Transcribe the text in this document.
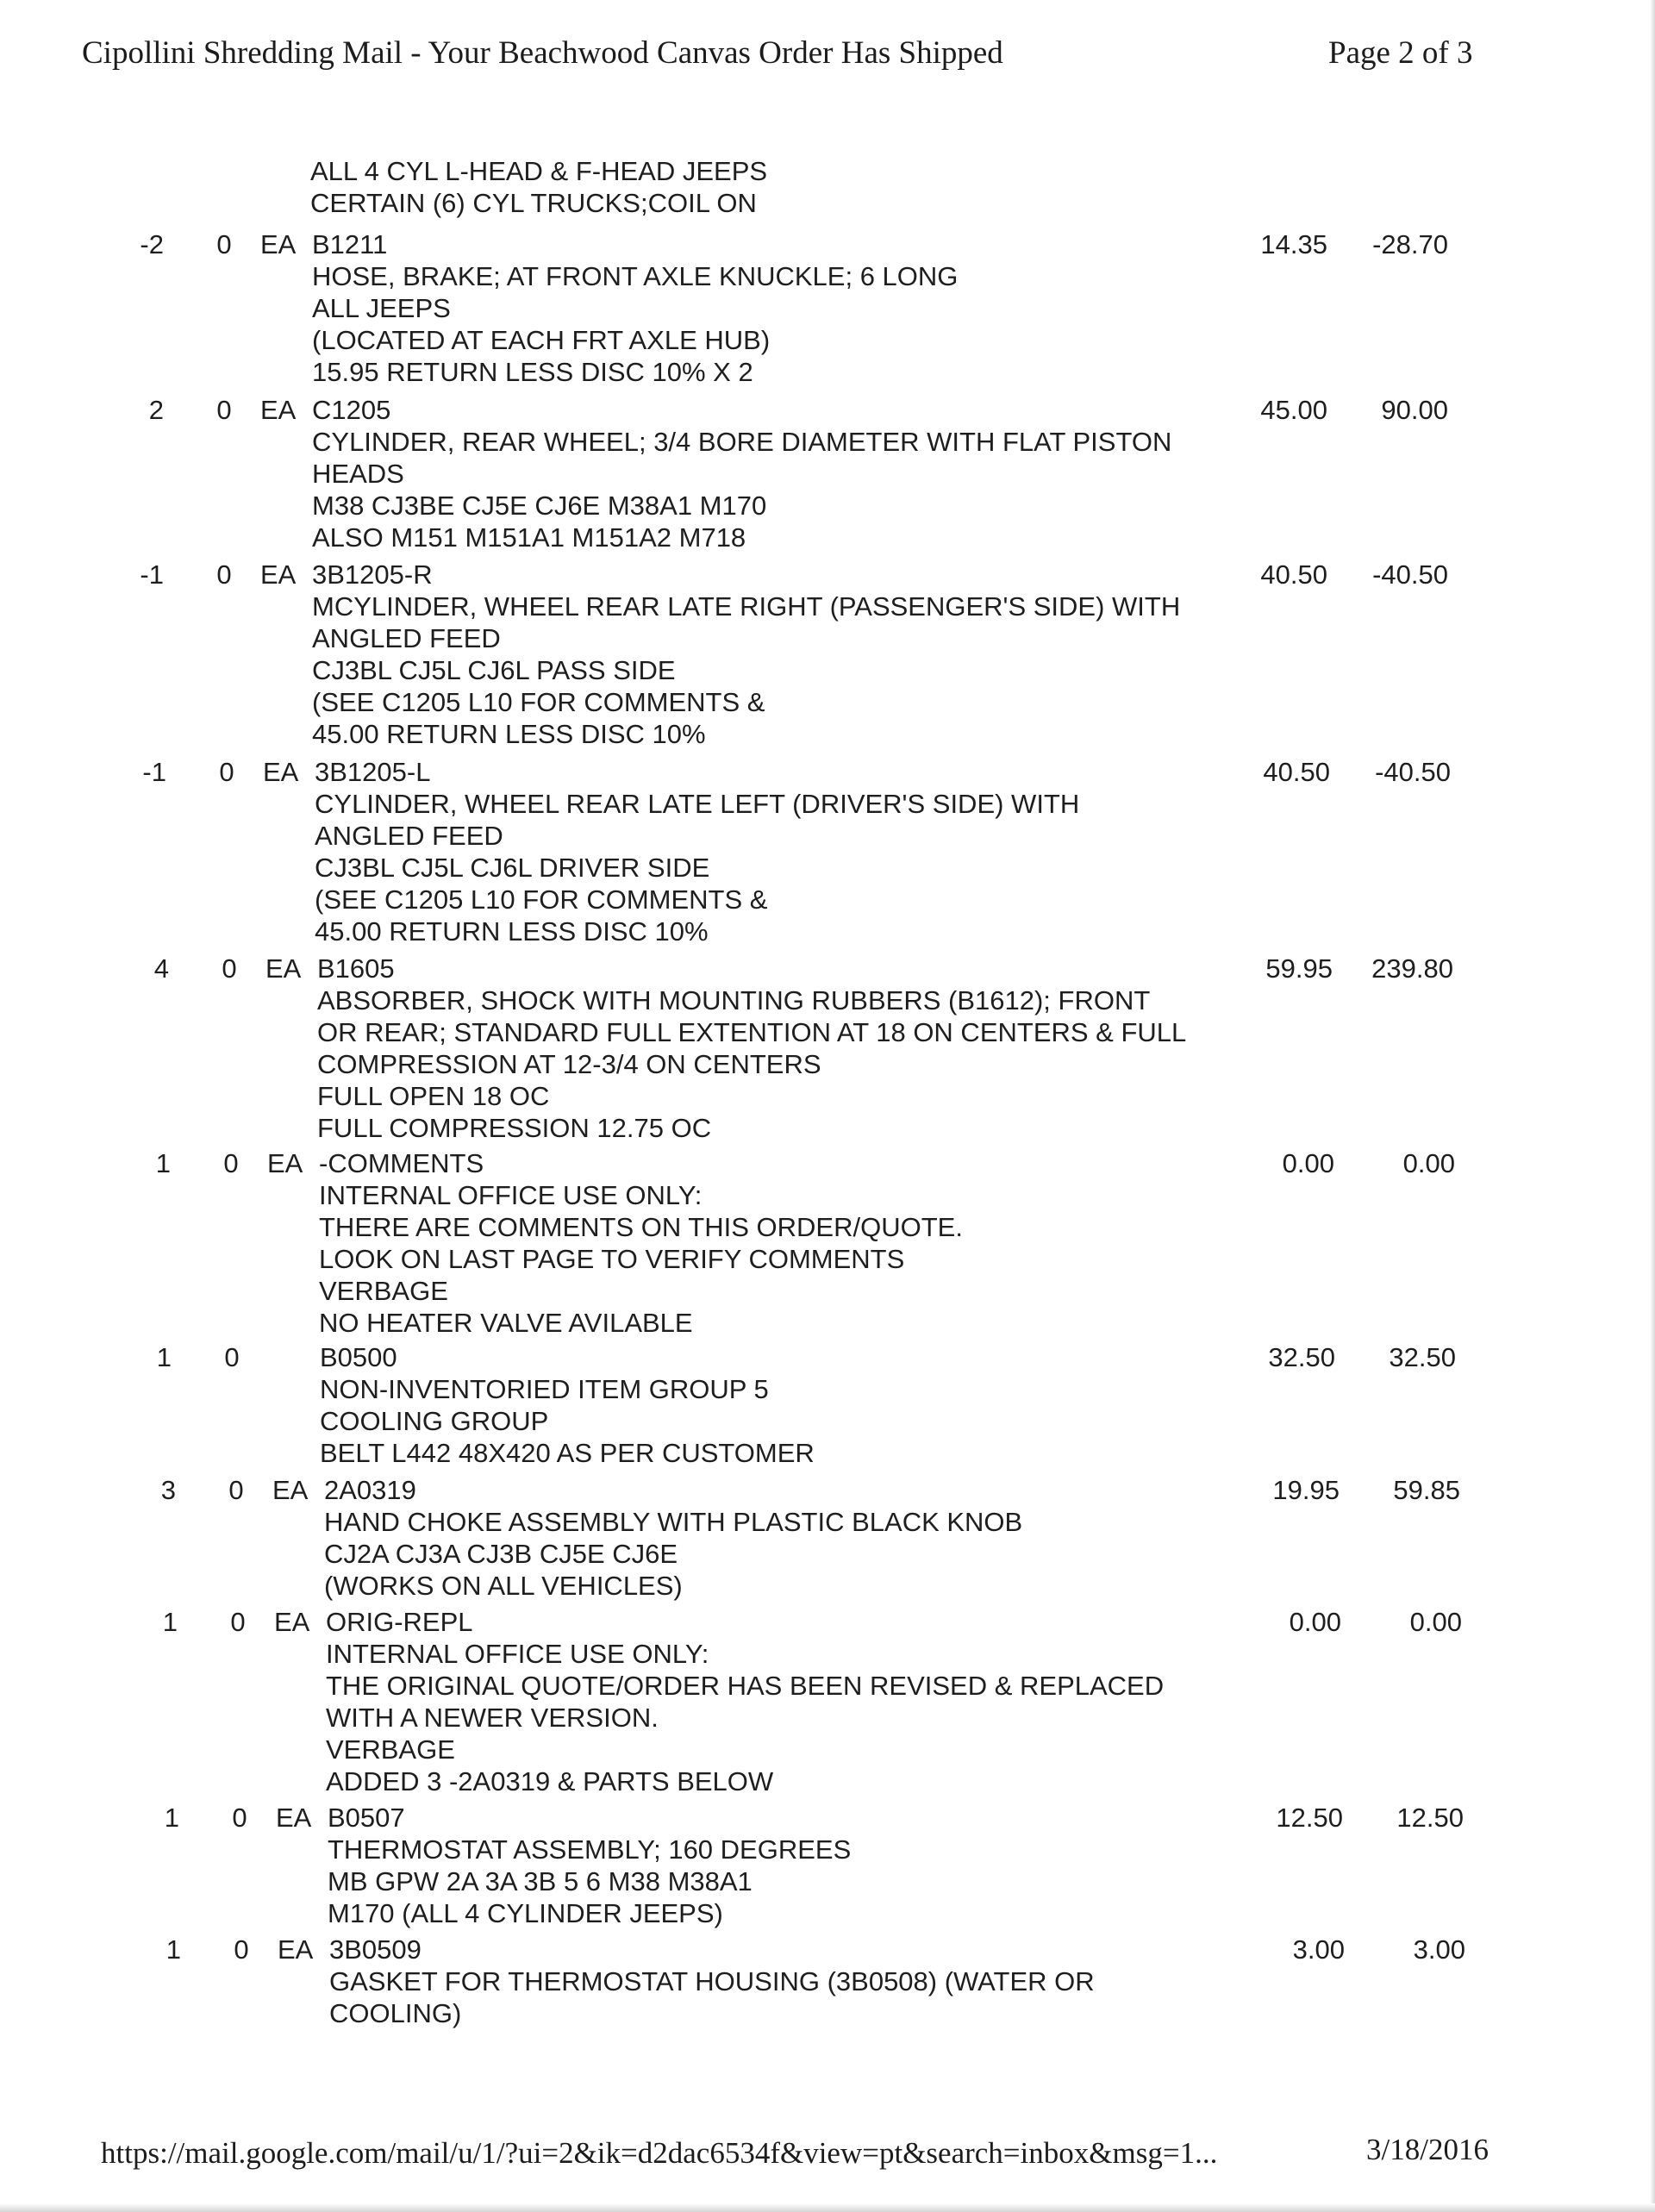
Cipollini Shredding Mail - Your Beachwood Canvas Order Has Shipped	Page 2 of 3
ALL 4 CYL L-HEAD & F-HEAD JEEPS
CERTAIN (6) CYL TRUCKS;COIL ON
-2 0 EA B1211	14.35	-28.70
HOSE, BRAKE; AT FRONT AXLE KNUCKLE; 6 LONG
ALL JEEPS
(LOCATED AT EACH FRT AXLE HUB)
15.95 RETURN LESS DISC 10% X 2
2 0 EA C1205	45.00	90.00
CYLINDER, REAR WHEEL; 3/4 BORE DIAMETER WITH FLAT PISTON
HEADS
M38 CJ3BE CJ5E CJ6E M38A1 M170
ALSO M151 M151A1 M151A2 M718
-1 0 EA 3B1205-R	40.50	-40.50
MCYLINDER, WHEEL REAR LATE RIGHT (PASSENGER'S SIDE) WITH
ANGLED FEED
CJ3BL CJ5L CJ6L PASS SIDE
(SEE C1205 L10 FOR COMMENTS &
45.00 RETURN LESS DISC 10%
-1 0 EA 3B1205-L	40.50	-40.50
CYLINDER, WHEEL REAR LATE LEFT (DRIVER'S SIDE) WITH
ANGLED FEED
CJ3BL CJ5L CJ6L DRIVER SIDE
(SEE C1205 L10 FOR COMMENTS &
45.00 RETURN LESS DISC 10%
4 0 EA B1605	59.95	239.80
ABSORBER, SHOCK WITH MOUNTING RUBBERS (B1612); FRONT
OR REAR; STANDARD FULL EXTENTION AT 18 ON CENTERS & FULL
COMPRESSION AT 12-3/4 ON CENTERS
FULL OPEN 18 OC
FULL COMPRESSION 12.75 OC
1 0 EA -COMMENTS	0.00	0.00
INTERNAL OFFICE USE ONLY:
THERE ARE COMMENTS ON THIS ORDER/QUOTE.
LOOK ON LAST PAGE TO VERIFY COMMENTS
VERBAGE
NO HEATER VALVE AVILABLE
1 0	B0500	32.50	32.50
NON-INVENTORIED ITEM GROUP 5
COOLING GROUP
BELT L442 48X420 AS PER CUSTOMER
3 0 EA 2A0319	19.95	59.85
HAND CHOKE ASSEMBLY WITH PLASTIC BLACK KNOB
CJ2A CJ3A CJ3B CJ5E CJ6E
(WORKS ON ALL VEHICLES)
1 0 EA ORIG-REPL	0.00	0.00
INTERNAL OFFICE USE ONLY:
THE ORIGINAL QUOTE/ORDER HAS BEEN REVISED & REPLACED
WITH A NEWER VERSION.
VERBAGE
ADDED 3 -2A0319 & PARTS BELOW
1 0 EA B0507	12.50	12.50
THERMOSTAT ASSEMBLY; 160 DEGREES
MB GPW 2A 3A 3B 5 6 M38 M38A1
M170 (ALL 4 CYLINDER JEEPS)
1 0 EA 3B0509	3.00	3.00
GASKET FOR THERMOSTAT HOUSING (3B0508) (WATER OR
COOLING)
https://mail.google.com/mail/u/1/?ui=2&ik=d2dac6534f&view=pt&search=inbox&msg=1...	3/18/2016
